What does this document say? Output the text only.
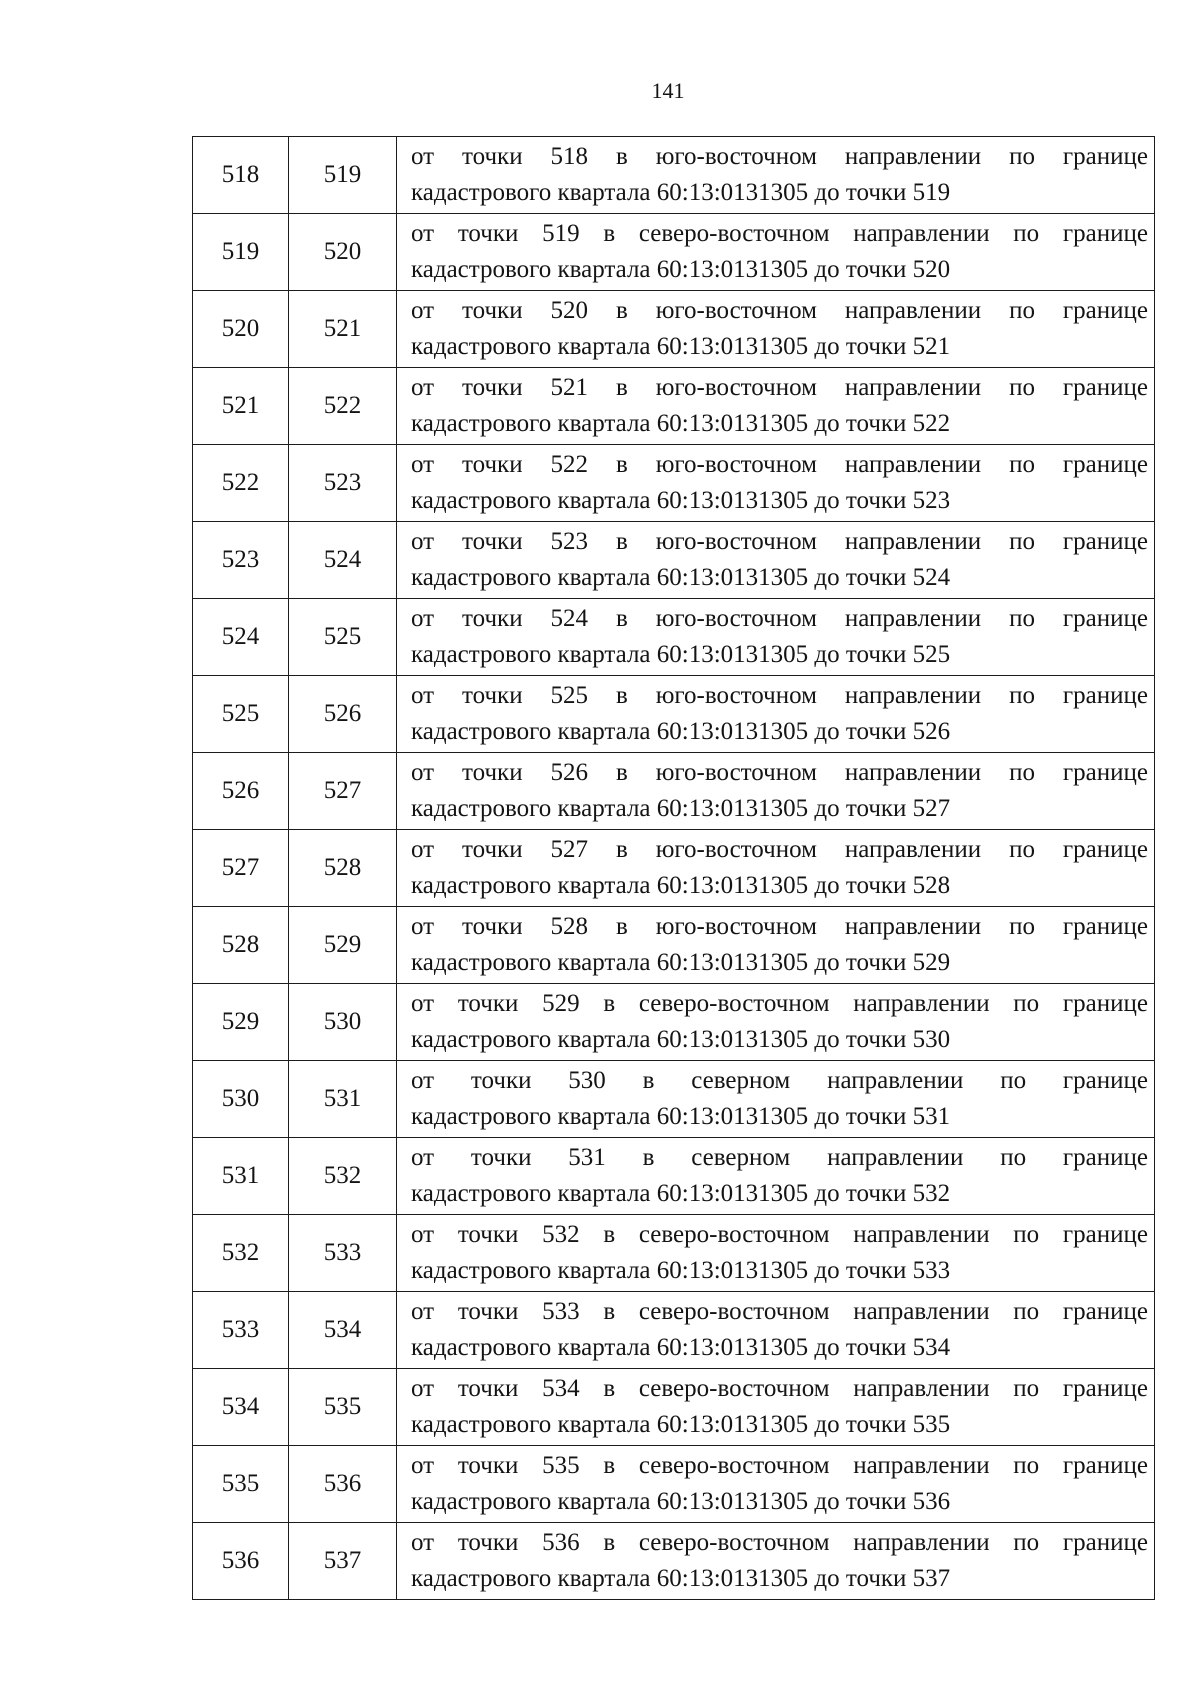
141
518	519	от точки 518 в юго-восточном направлении по границе
кадастрового квартала 60:13:0131305 до точки 519

519	520	от точки 519 в северо-восточном направлении по границе
кадастрового квартала 60:13:0131305 до точки 520

520	521	от точки 520 в юго-восточном направлении по границе
кадастрового квартала 60:13:0131305 до точки 521

521	522	от точки 521 в юго-восточном направлении по границе
кадастрового квартала 60:13:0131305 до точки 522

522	523	от точки 522 в юго-восточном направлении по границе
кадастрового квартала 60:13:0131305 до точки 523

523	524	от точки 523 в юго-восточном направлении по границе
кадастрового квартала 60:13:0131305 до точки 524

524	525	от точки 524 в юго-восточном направлении по границе
кадастрового квартала 60:13:0131305 до точки 525

525	526	от точки 525 в юго-восточном направлении по границе
кадастрового квартала 60:13:0131305 до точки 526

526	527	от точки 526 в юго-восточном направлении по границе
кадастрового квартала 60:13:0131305 до точки 527

527	528	от точки 527 в юго-восточном направлении по границе
кадастрового квартала 60:13:0131305 до точки 528

528	529	от точки 528 в юго-восточном направлении по границе
кадастрового квартала 60:13:0131305 до точки 529

529	530	от точки 529 в северо-восточном направлении по границе
кадастрового квартала 60:13:0131305 до точки 530

530	531	от точки 530 в северном направлении по границе
кадастрового квартала 60:13:0131305 до точки 531

531	532	от точки 531 в северном направлении по границе
кадастрового квартала 60:13:0131305 до точки 532

532	533	от точки 532 в северо-восточном направлении по границе
кадастрового квартала 60:13:0131305 до точки 533

533	534	от точки 533 в северо-восточном направлении по границе
кадастрового квартала 60:13:0131305 до точки 534

534	535	от точки 534 в северо-восточном направлении по границе
кадастрового квартала 60:13:0131305 до точки 535

535	536	от точки 535 в северо-восточном направлении по границе
кадастрового квартала 60:13:0131305 до точки 536

536	537	от точки 536 в северо-восточном направлении по границе
кадастрового квартала 60:13:0131305 до точки 537
